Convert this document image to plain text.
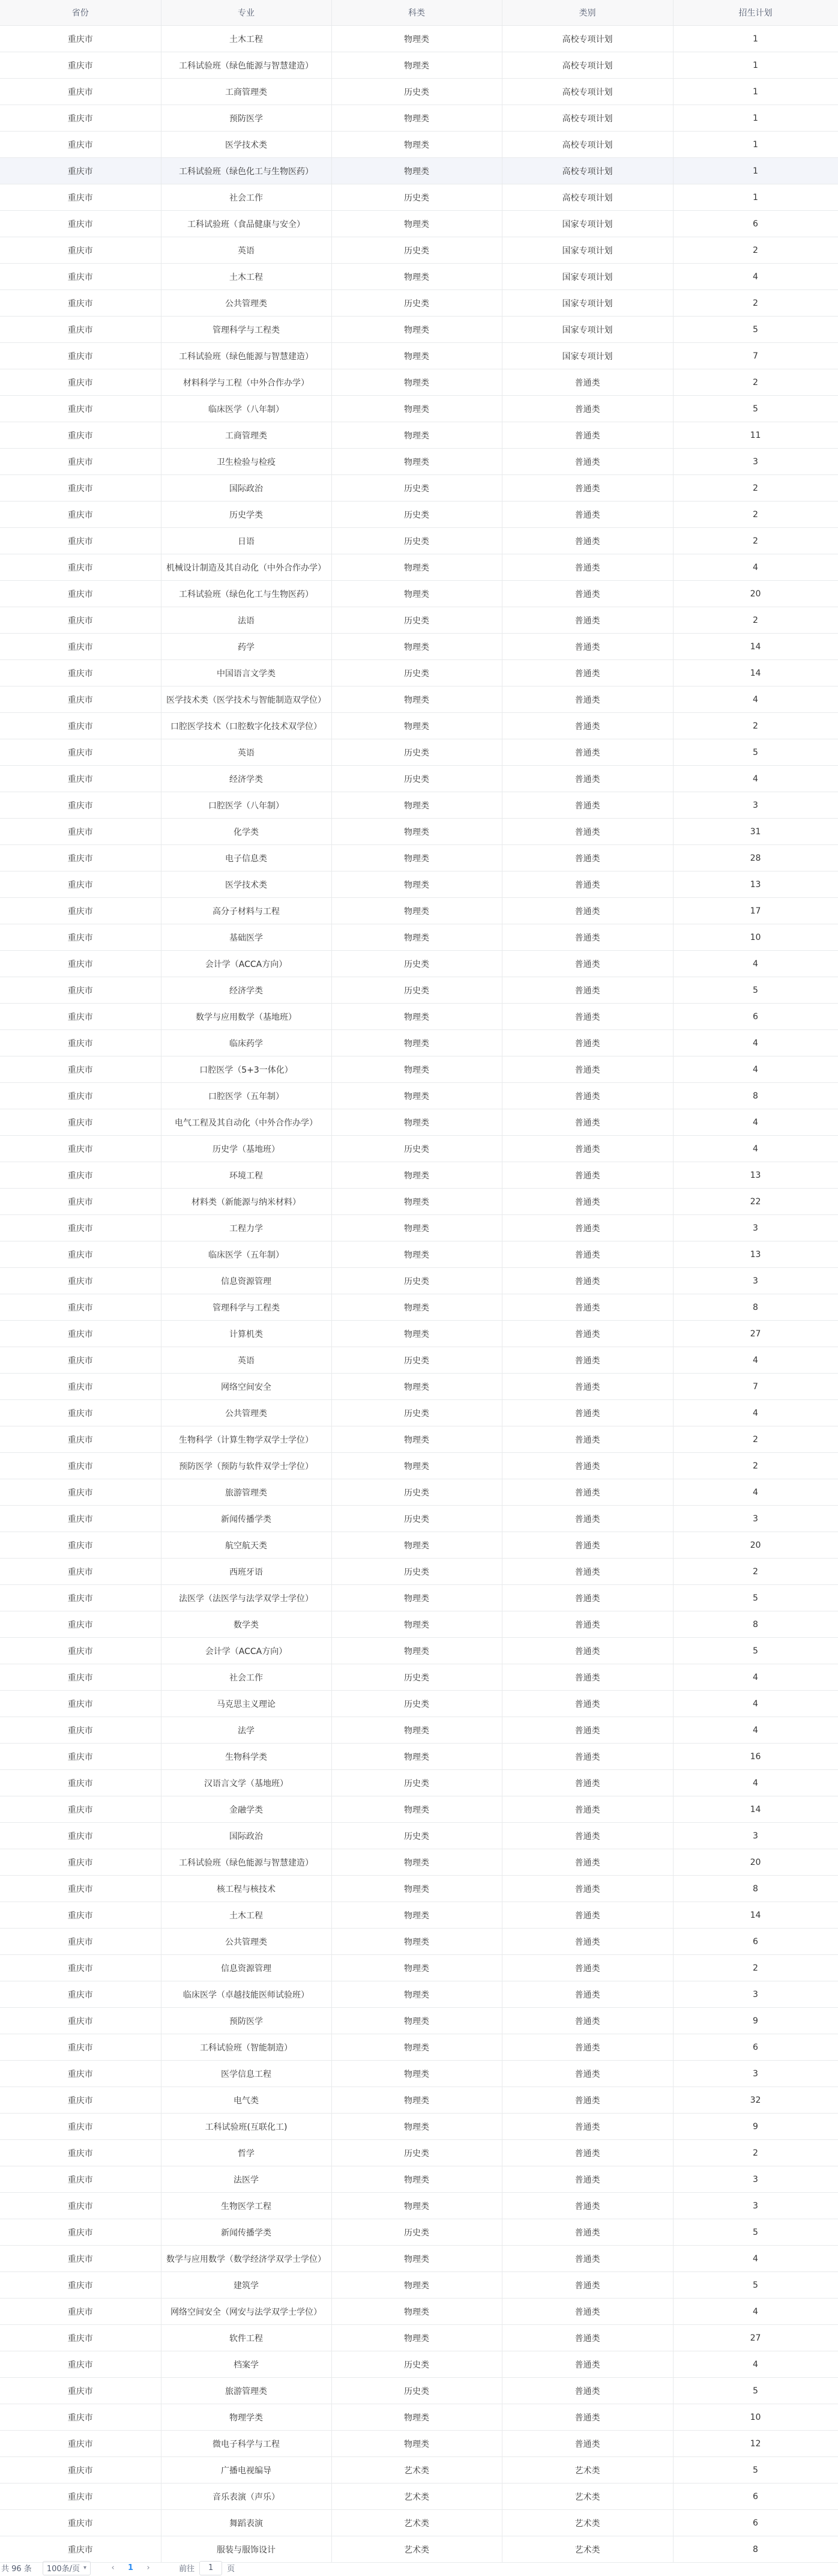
省份	专业	科类	类别	招生计划
重庆市	土木工程	物理类	高校专项计划	1
重庆市	工科试验班（绿色能源与智慧建造）	物理类	高校专项计划	1
重庆市	工商管理类	历史类	高校专项计划	1
重庆市	预防医学	物理类	高校专项计划	1
重庆市	医学技术类	物理类	高校专项计划	1
重庆市	工科试验班（绿色化工与生物医药）	物理类	高校专项计划	1
重庆市	社会工作	历史类	高校专项计划	1
重庆市	工科试验班（食品健康与安全）	物理类	国家专项计划	6
重庆市	英语	历史类	国家专项计划	2
重庆市	土木工程	物理类	国家专项计划	4
重庆市	公共管理类	历史类	国家专项计划	2
重庆市	管理科学与工程类	物理类	国家专项计划	5
重庆市	工科试验班（绿色能源与智慧建造）	物理类	国家专项计划	7
重庆市	材料科学与工程（中外合作办学）	物理类	普通类	2
重庆市	临床医学（八年制）	物理类	普通类	5
重庆市	工商管理类	物理类	普通类	11
重庆市	卫生检验与检疫	物理类	普通类	3
重庆市	国际政治	历史类	普通类	2
重庆市	历史学类	历史类	普通类	2
重庆市	日语	历史类	普通类	2
重庆市	机械设计制造及其自动化（中外合作办学）	物理类	普通类	4
重庆市	工科试验班（绿色化工与生物医药）	物理类	普通类	20
重庆市	法语	历史类	普通类	2
重庆市	药学	物理类	普通类	14
重庆市	中国语言文学类	历史类	普通类	14
重庆市	医学技术类（医学技术与智能制造双学位）	物理类	普通类	4
重庆市	口腔医学技术（口腔数字化技术双学位）	物理类	普通类	2
重庆市	英语	历史类	普通类	5
重庆市	经济学类	历史类	普通类	4
重庆市	口腔医学（八年制）	物理类	普通类	3
重庆市	化学类	物理类	普通类	31
重庆市	电子信息类	物理类	普通类	28
重庆市	医学技术类	物理类	普通类	13
重庆市	高分子材料与工程	物理类	普通类	17
重庆市	基础医学	物理类	普通类	10
重庆市	会计学（ACCA方向）	历史类	普通类	4
重庆市	经济学类	历史类	普通类	5
重庆市	数学与应用数学（基地班）	物理类	普通类	6
重庆市	临床药学	物理类	普通类	4
重庆市	口腔医学（5+3一体化）	物理类	普通类	4
重庆市	口腔医学（五年制）	物理类	普通类	8
重庆市	电气工程及其自动化（中外合作办学）	物理类	普通类	4
重庆市	历史学（基地班）	历史类	普通类	4
重庆市	环境工程	物理类	普通类	13
重庆市	材料类（新能源与纳米材料）	物理类	普通类	22
重庆市	工程力学	物理类	普通类	3
重庆市	临床医学（五年制）	物理类	普通类	13
重庆市	信息资源管理	历史类	普通类	3
重庆市	管理科学与工程类	物理类	普通类	8
重庆市	计算机类	物理类	普通类	27
重庆市	英语	历史类	普通类	4
重庆市	网络空间安全	物理类	普通类	7
重庆市	公共管理类	历史类	普通类	4
重庆市	生物科学（计算生物学双学士学位）	物理类	普通类	2
重庆市	预防医学（预防与软件双学士学位）	物理类	普通类	2
重庆市	旅游管理类	历史类	普通类	4
重庆市	新闻传播学类	历史类	普通类	3
重庆市	航空航天类	物理类	普通类	20
重庆市	西班牙语	历史类	普通类	2
重庆市	法医学（法医学与法学双学士学位）	物理类	普通类	5
重庆市	数学类	物理类	普通类	8
重庆市	会计学（ACCA方向）	物理类	普通类	5
重庆市	社会工作	历史类	普通类	4
重庆市	马克思主义理论	历史类	普通类	4
重庆市	法学	物理类	普通类	4
重庆市	生物科学类	物理类	普通类	16
重庆市	汉语言文学（基地班）	历史类	普通类	4
重庆市	金融学类	物理类	普通类	14
重庆市	国际政治	历史类	普通类	3
重庆市	工科试验班（绿色能源与智慧建造）	物理类	普通类	20
重庆市	核工程与核技术	物理类	普通类	8
重庆市	土木工程	物理类	普通类	14
重庆市	公共管理类	物理类	普通类	6
重庆市	信息资源管理	物理类	普通类	2
重庆市	临床医学（卓越技能医师试验班）	物理类	普通类	3
重庆市	预防医学	物理类	普通类	9
重庆市	工科试验班（智能制造）	物理类	普通类	6
重庆市	医学信息工程	物理类	普通类	3
重庆市	电气类	物理类	普通类	32
重庆市	工科试验班(互联化工)	物理类	普通类	9
重庆市	哲学	历史类	普通类	2
重庆市	法医学	物理类	普通类	3
重庆市	生物医学工程	物理类	普通类	3
重庆市	新闻传播学类	历史类	普通类	5
重庆市	数学与应用数学（数学经济学双学士学位）	物理类	普通类	4
重庆市	建筑学	物理类	普通类	5
重庆市	网络空间安全（网安与法学双学士学位）	物理类	普通类	4
重庆市	软件工程	物理类	普通类	27
重庆市	档案学	历史类	普通类	4
重庆市	旅游管理类	历史类	普通类	5
重庆市	物理学类	物理类	普通类	10
重庆市	微电子科学与工程	物理类	普通类	12
重庆市	广播电视编导	艺术类	艺术类	5
重庆市	音乐表演（声乐）	艺术类	艺术类	6
重庆市	舞蹈表演	艺术类	艺术类	6
重庆市	服装与服饰设计	艺术类	艺术类	8
共 96 条 100条/页 ▾	‹	1	›	前往
1	页
